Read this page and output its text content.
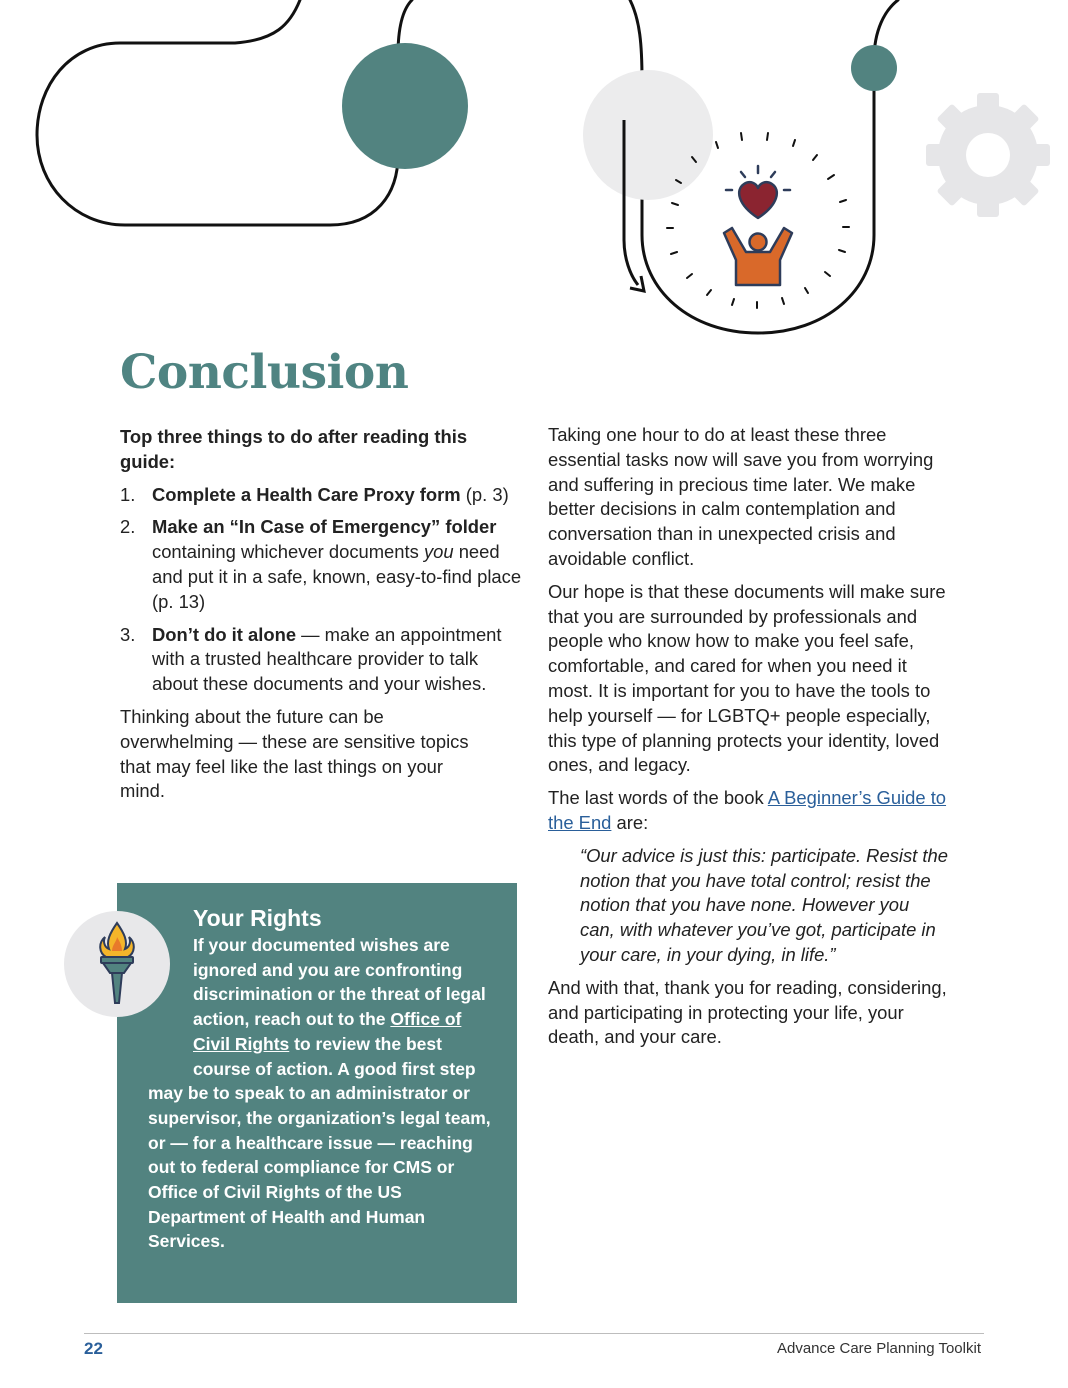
Conclusion

Top three things to do after reading this guide:

1. Complete a Health Care Proxy form (p. 3)
2. Make an “In Case of Emergency” folder containing whichever documents you need and put it in a safe, known, easy-to-find place (p. 13)
3. Don’t do it alone — make an appointment with a trusted healthcare provider to talk about these documents and your wishes.

Thinking about the future can be overwhelming — these are sensitive topics that may feel like the last things on your mind.

Your Rights

If your documented wishes are ignored and you are confronting discrimination or the threat of legal action, reach out to the Office of Civil Rights to review the best course of action. A good first step may be to speak to an administrator or supervisor, the organization’s legal team, or — for a healthcare issue — reaching out to federal compliance for CMS or Office of Civil Rights of the US Department of Health and Human Services.

Taking one hour to do at least these three essential tasks now will save you from worrying and suffering in precious time later. We make better decisions in calm contemplation and conversation than in unexpected crisis and avoidable conflict.

Our hope is that these documents will make sure that you are surrounded by professionals and people who know how to make you feel safe, comfortable, and cared for when you need it most. It is important for you to have the tools to help yourself — for LGBTQ+ people especially, this type of planning protects your identity, loved ones, and legacy.

The last words of the book A Beginner’s Guide to the End are:

“Our advice is just this: participate. Resist the notion that you have total control; resist the notion that you have none. However you can, with whatever you’ve got, participate in your care, in your dying, in life.”

And with that, thank you for reading, considering, and participating in protecting your life, your death, and your care.

22	Advance Care Planning Toolkit
